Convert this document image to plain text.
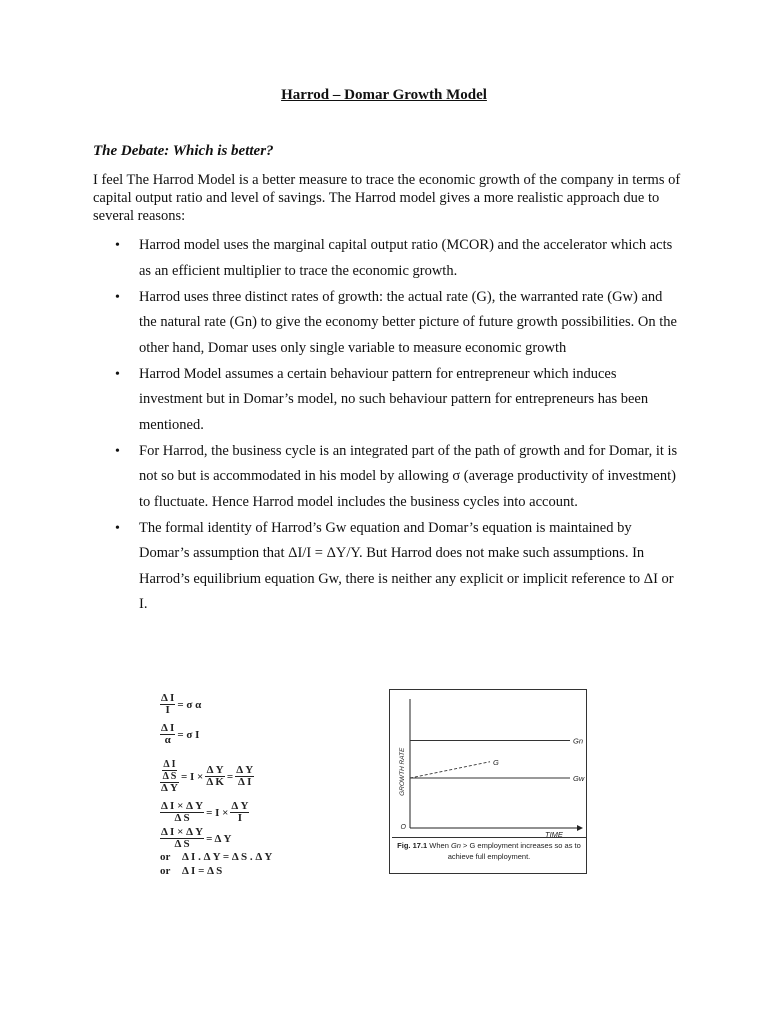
Harrod – Domar Growth Model
The Debate: Which is better?
I feel The Harrod Model is a better measure to trace the economic growth of the company in terms of capital output ratio and level of savings. The Harrod model gives a more realistic approach due to several reasons:
• Harrod model uses the marginal capital output ratio (MCOR) and the accelerator which acts as an efficient multiplier to trace the economic growth.
• Harrod uses three distinct rates of growth: the actual rate (G), the warranted rate (Gw) and the natural rate (Gn) to give the economy better picture of future growth possibilities. On the other hand, Domar uses only single variable to measure economic growth
• Harrod Model assumes a certain behaviour pattern for entrepreneur which induces investment but in Domar’s model, no such behaviour pattern for entrepreneurs has been mentioned.
• For Harrod, the business cycle is an integrated part of the path of growth and for Domar, it is not so but is accommodated in his model by allowing σ (average productivity of investment) to fluctuate. Hence Harrod model includes the business cycles into account.
• The formal identity of Harrod’s Gw equation and Domar’s equation is maintained by Domar’s assumption that ΔI/I = ΔY/Y. But Harrod does not make such assumptions. In Harrod’s equilibrium equation Gw, there is neither any explicit or implicit reference to ΔI or I.
$\frac{\text{Δ I}}{I} = \sigma$ α
$\frac{\text{Δ I}}{\alpha} = \sigma$ I
$\frac{\frac{\text{Δ I}}{\text{Δ S}}}{\text{Δ Y}} = I \times \frac{\text{Δ Y}}{\text{Δ K}} = \frac{\text{Δ Y}}{\text{Δ I}}$
$\frac{\text{Δ I × Δ Y}}{\text{Δ S}} = I \times \frac{\text{Δ Y}}{I}$
$\frac{\text{Δ I × Δ Y}}{\text{Δ S}} = \Delta$ Y
or Δ I . Δ Y = Δ S . Δ Y
or Δ I = Δ S
Gn
G
Gw
GROWTH RATE
TIME
O
Fig. 17.1 When Gn > G employment increases so as to achieve full employment.
